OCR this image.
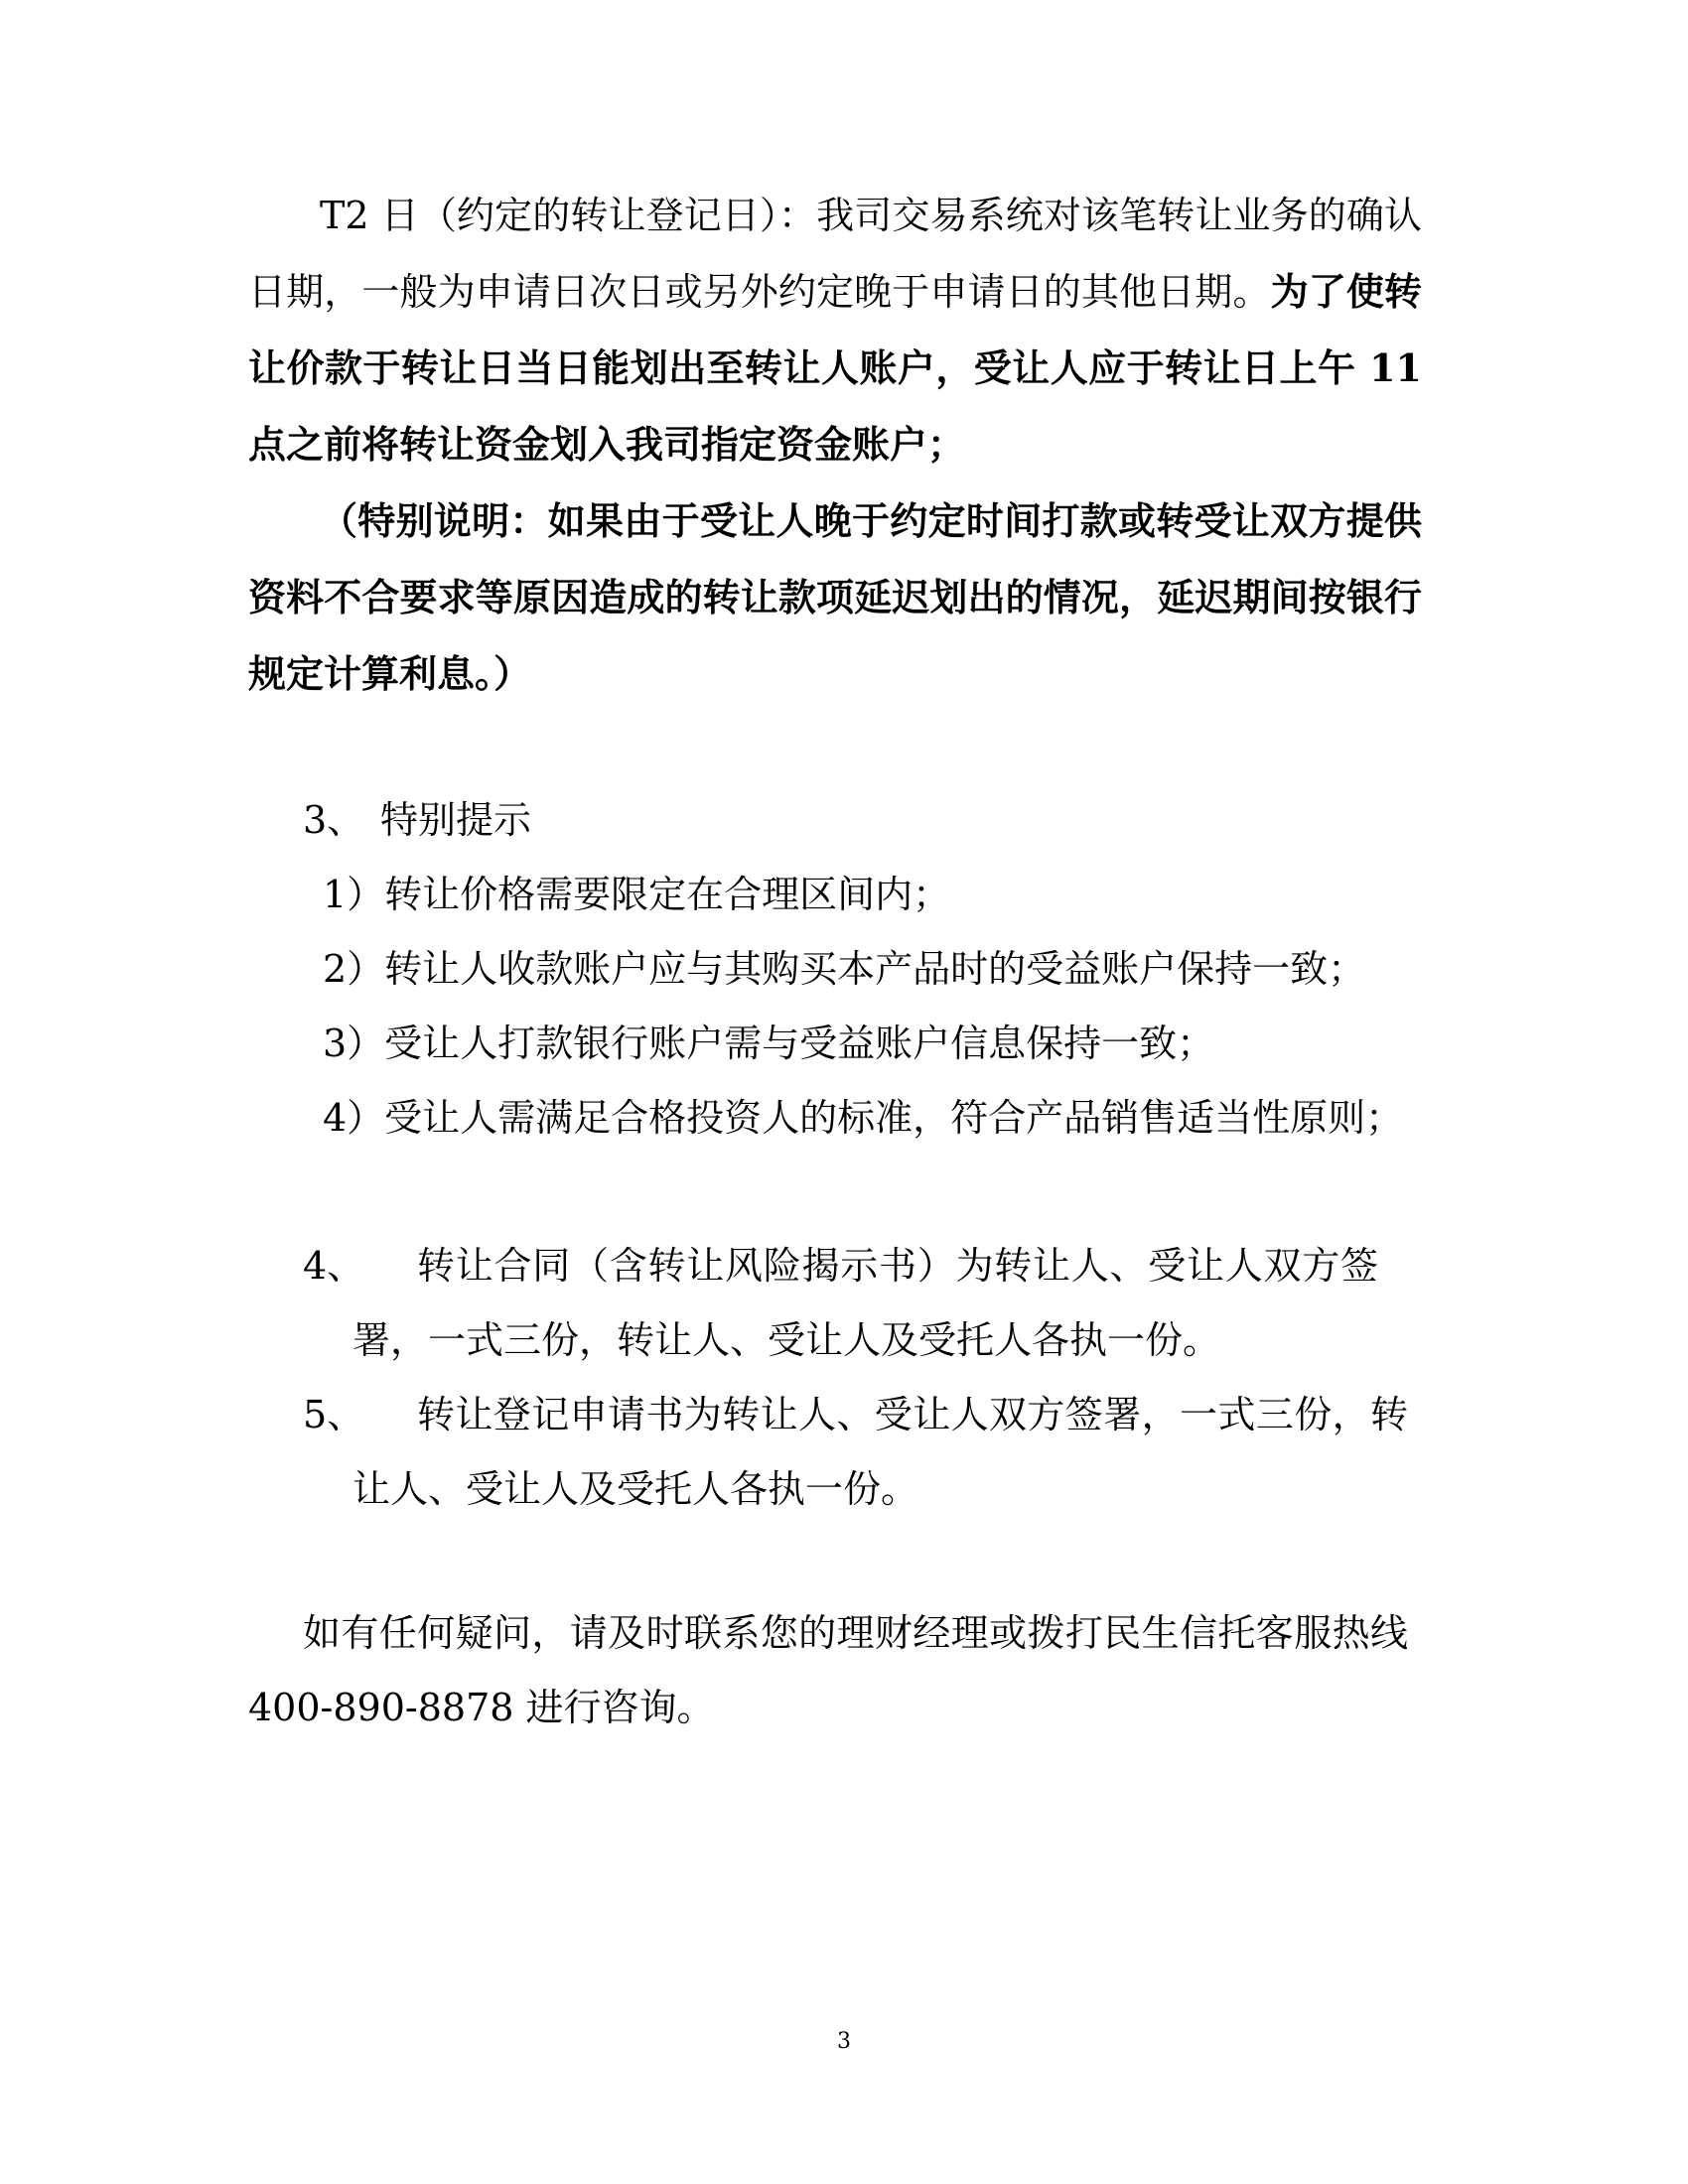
T2 日（约定的转让登记日）：我司交易系统对该笔转让业务的确认
日期，一般为申请日次日或另外约定晚于申请日的其他日期。为了使转
让价款于转让日当日能划出至转让人账户，受让人应于转让日上午 11
点之前将转让资金划入我司指定资金账户；
（特别说明：如果由于受让人晚于约定时间打款或转受让双方提供
资料不合要求等原因造成的转让款项延迟划出的情况，延迟期间按银行
规定计算利息。）
3、 特别提示
1）转让价格需要限定在合理区间内；
2）转让人收款账户应与其购买本产品时的受益账户保持一致；
3）受让人打款银行账户需与受益账户信息保持一致；
4）受让人需满足合格投资人的标准，符合产品销售适当性原则；
4、 转让合同（含转让风险揭示书）为转让人、受让人双方签
署，一式三份，转让人、受让人及受托人各执一份。
5、 转让登记申请书为转让人、受让人双方签署，一式三份，转
让人、受让人及受托人各执一份。
如有任何疑问，请及时联系您的理财经理或拨打民生信托客服热线
400-890-8878 进行咨询。
3
